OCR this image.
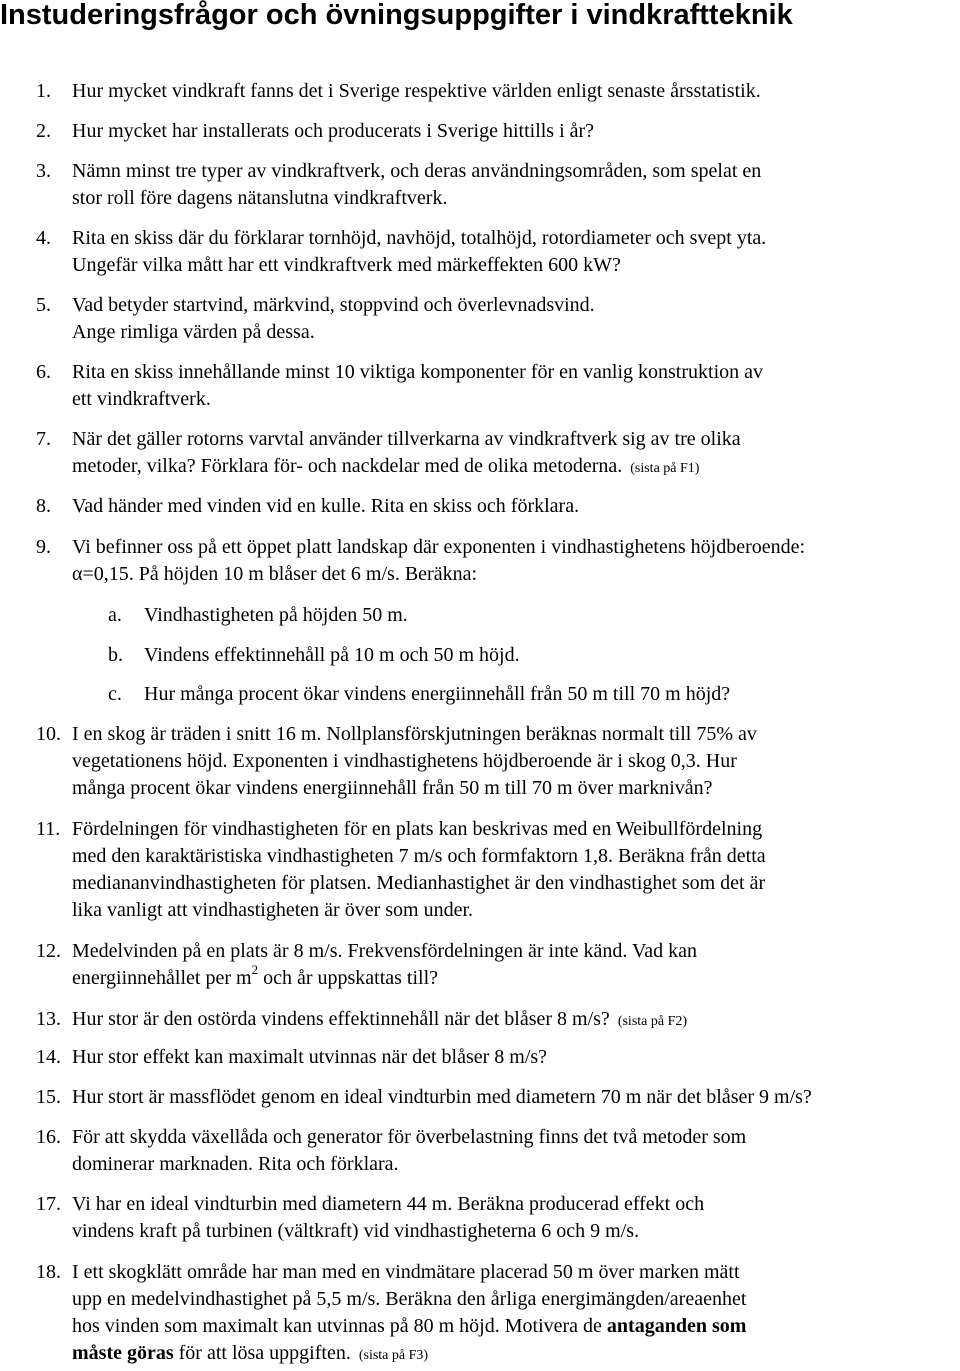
Instuderingsfrågor och övningsuppgifter i vindkraftteknik
1. Hur mycket vindkraft fanns det i Sverige respektive världen enligt senaste årsstatistik.
2. Hur mycket har installerats och producerats i Sverige hittills i år?
3. Nämn minst tre typer av vindkraftverk, och deras användningsområden, som spelat en
stor roll före dagens nätanslutna vindkraftverk.
4. Rita en skiss där du förklarar tornhöjd, navhöjd, totalhöjd, rotordiameter och svept yta.
Ungefär vilka mått har ett vindkraftverk med märkeffekten 600 kW?
5. Vad betyder startvind, märkvind, stoppvind och överlevnadsvind.
Ange rimliga värden på dessa.
6. Rita en skiss innehållande minst 10 viktiga komponenter för en vanlig konstruktion av
ett vindkraftverk.
7. När det gäller rotorns varvtal använder tillverkarna av vindkraftverk sig av tre olika
metoder, vilka? Förklara för- och nackdelar med de olika metoderna. (sista på F1)
8. Vad händer med vinden vid en kulle. Rita en skiss och förklara.
9. Vi befinner oss på ett öppet platt landskap där exponenten i vindhastighetens höjdberoende:
α=0,15. På höjden 10 m blåser det 6 m/s. Beräkna:
a. Vindhastigheten på höjden 50 m.
b. Vindens effektinnehåll på 10 m och 50 m höjd.
c. Hur många procent ökar vindens energiinnehåll från 50 m till 70 m höjd?
10. I en skog är träden i snitt 16 m. Nollplansförskjutningen beräknas normalt till 75% av
vegetationens höjd. Exponenten i vindhastighetens höjdberoende är i skog 0,3. Hur
många procent ökar vindens energiinnehåll från 50 m till 70 m över marknivån?
11. Fördelningen för vindhastigheten för en plats kan beskrivas med en Weibullfördelning
med den karaktäristiska vindhastigheten 7 m/s och formfaktorn 1,8. Beräkna från detta
mediananvindhastigheten för platsen. Medianhastighet är den vindhastighet som det är
lika vanligt att vindhastigheten är över som under.
12. Medelvinden på en plats är 8 m/s. Frekvensfördelningen är inte känd. Vad kan
energiinnehållet per $m^2$ och år uppskattas till?
13. Hur stor är den ostörda vindens effektinnehåll när det blåser 8 m/s? (sista på F2)
14. Hur stor effekt kan maximalt utvinnas när det blåser 8 m/s?
15. Hur stort är massflödet genom en ideal vindturbin med diametern 70 m när det blåser 9 m/s?
16. För att skydda växellåda och generator för överbelastning finns det två metoder som
dominerar marknaden. Rita och förklara.
17. Vi har en ideal vindturbin med diametern 44 m. Beräkna producerad effekt och
vindens kraft på turbinen (vältkraft) vid vindhastigheterna 6 och 9 m/s.
18. I ett skogklätt område har man med en vindmätare placerad 50 m över marken mätt
upp en medelvindhastighet på 5,5 m/s. Beräkna den årliga energimängden/areaenhet
hos vinden som maximalt kan utvinnas på 80 m höjd. Motivera de antaganden som
måste göras för att lösa uppgiften. (sista på F3)
